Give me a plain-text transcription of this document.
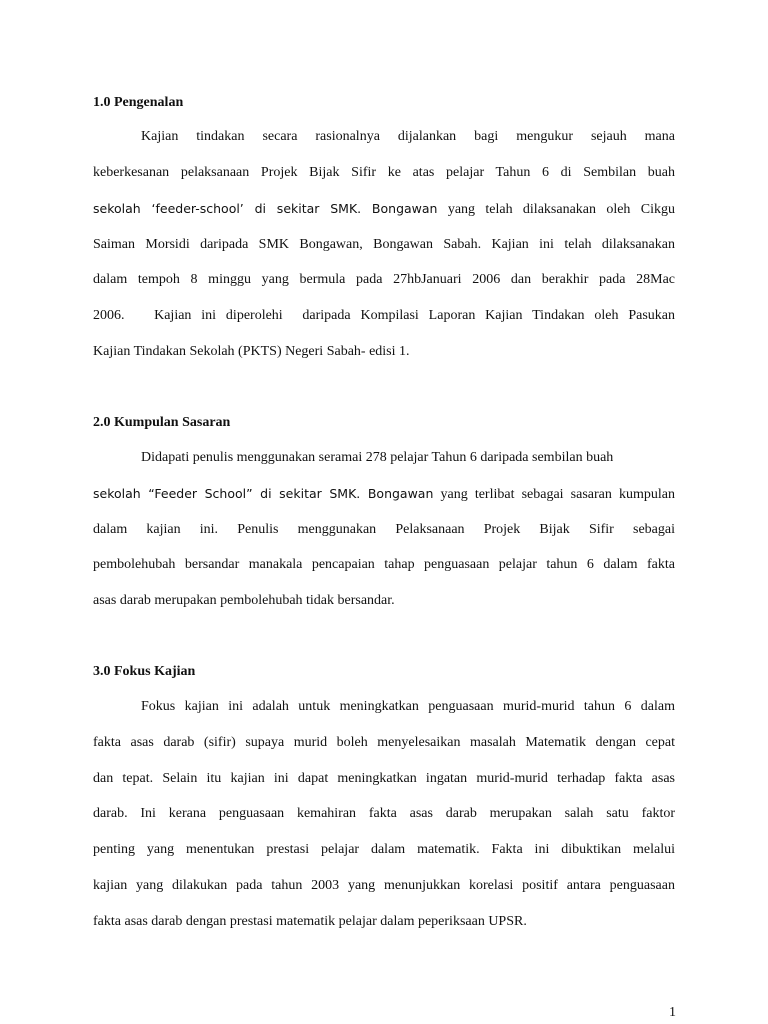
1.0 Pengenalan
Kajian tindakan secara rasionalnya dijalankan bagi mengukur sejauh mana
keberkesanan pelaksanaan Projek Bijak Sifir ke atas pelajar Tahun 6 di Sembilan buah
sekolah ‘feeder-school’ di sekitar SMK. Bongawan yang telah dilaksanakan oleh Cikgu
Saiman Morsidi daripada SMK Bongawan, Bongawan Sabah. Kajian ini telah dilaksanakan
dalam tempoh 8 minggu yang bermula pada 27hbJanuari 2006 dan berakhir pada 28Mac
2006.   Kajian ini diperolehi  daripada Kompilasi Laporan Kajian Tindakan oleh Pasukan
Kajian Tindakan Sekolah (PKTS) Negeri Sabah- edisi 1.
2.0 Kumpulan Sasaran
Didapati penulis menggunakan seramai 278 pelajar Tahun 6 daripada sembilan buah
sekolah “Feeder School” di sekitar SMK. Bongawan yang terlibat sebagai sasaran kumpulan
dalam kajian ini. Penulis menggunakan Pelaksanaan Projek Bijak Sifir sebagai
pembolehubah bersandar manakala pencapaian tahap penguasaan pelajar tahun 6 dalam fakta
asas darab merupakan pembolehubah tidak bersandar.
3.0 Fokus Kajian
Fokus kajian ini adalah untuk meningkatkan penguasaan murid-murid tahun 6 dalam
fakta asas darab (sifir) supaya murid boleh menyelesaikan masalah Matematik dengan cepat
dan tepat. Selain itu kajian ini dapat meningkatkan ingatan murid-murid terhadap fakta asas
darab. Ini kerana penguasaan kemahiran fakta asas darab merupakan salah satu faktor
penting yang menentukan prestasi pelajar dalam matematik. Fakta ini dibuktikan melalui
kajian yang dilakukan pada tahun 2003 yang menunjukkan korelasi positif antara penguasaan
fakta asas darab dengan prestasi matematik pelajar dalam peperiksaan UPSR.
1
